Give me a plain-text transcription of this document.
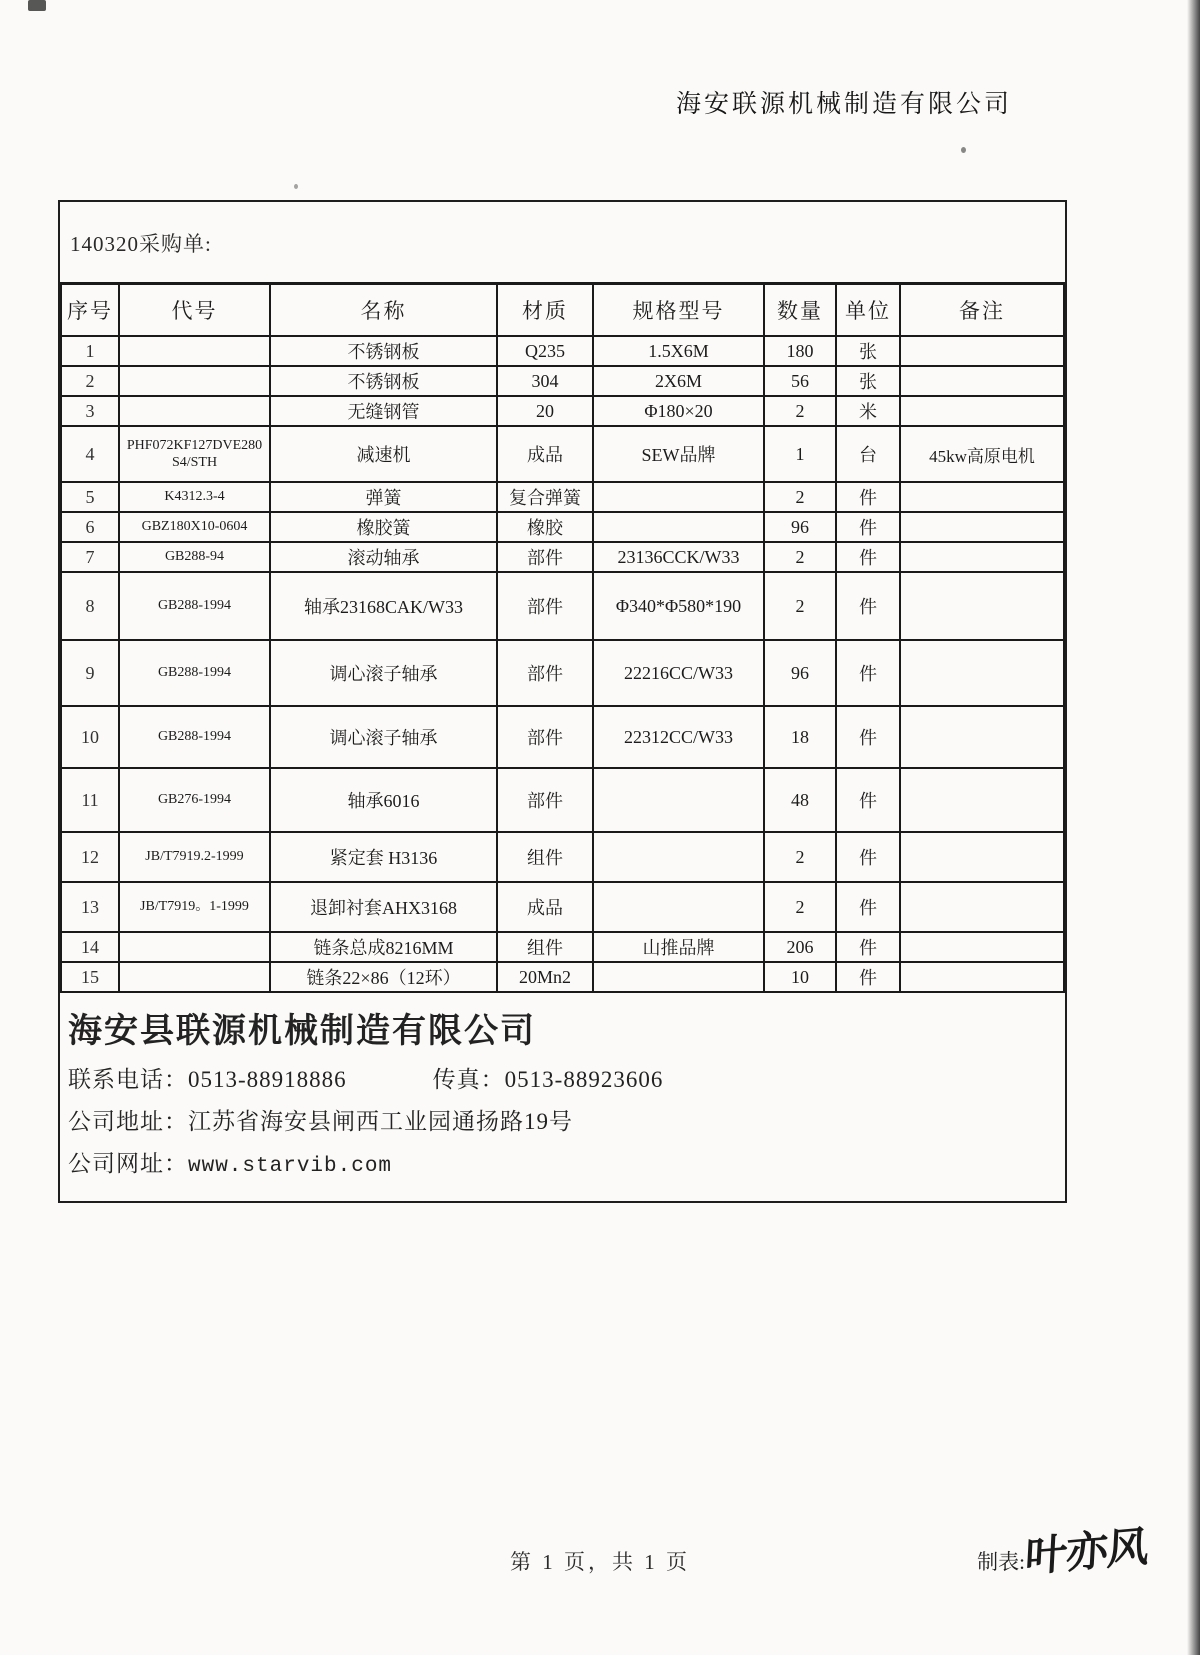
海安联源机械制造有限公司
140320采购单:
序号	代号	名称	材质	规格型号	数量	单位	备注
1		不锈钢板	Q235	1.5X6M	180	张	
2		不锈钢板	304	2X6M	56	张	
3		无缝钢管	20	Φ180×20	2	米	
4	PHF072KF127DVE280S4/STH	减速机	成品	SEW品牌	1	台	45kw高原电机
5	K4312.3-4	弹簧	复合弹簧		2	件	
6	GBZ180X10-0604	橡胶簧	橡胶		96	件	
7	GB288-94	滚动轴承	部件	23136CCK/W33	2	件	
8	GB288-1994	轴承23168CAK/W33	部件	Φ340*Φ580*190	2	件	
9	GB288-1994	调心滚子轴承	部件	22216CC/W33	96	件	
10	GB288-1994	调心滚子轴承	部件	22312CC/W33	18	件	
11	GB276-1994	轴承6016	部件		48	件	
12	JB/T7919.2-1999	紧定套 H3136	组件		2	件	
13	JB/T7919。1-1999	退卸衬套AHX3168	成品		2	件	
14		链条总成8216MM	组件	山推品牌	206	件	
15		链条22×86（12环）	20Mn2		10	件	
海安县联源机械制造有限公司
联系电话：0513-88918886	传真：0513-88923606
公司地址：江苏省海安县闸西工业园通扬路19号
公司网址：www.starvib.com
第 1 页，共 1 页	制表: 叶亦风
